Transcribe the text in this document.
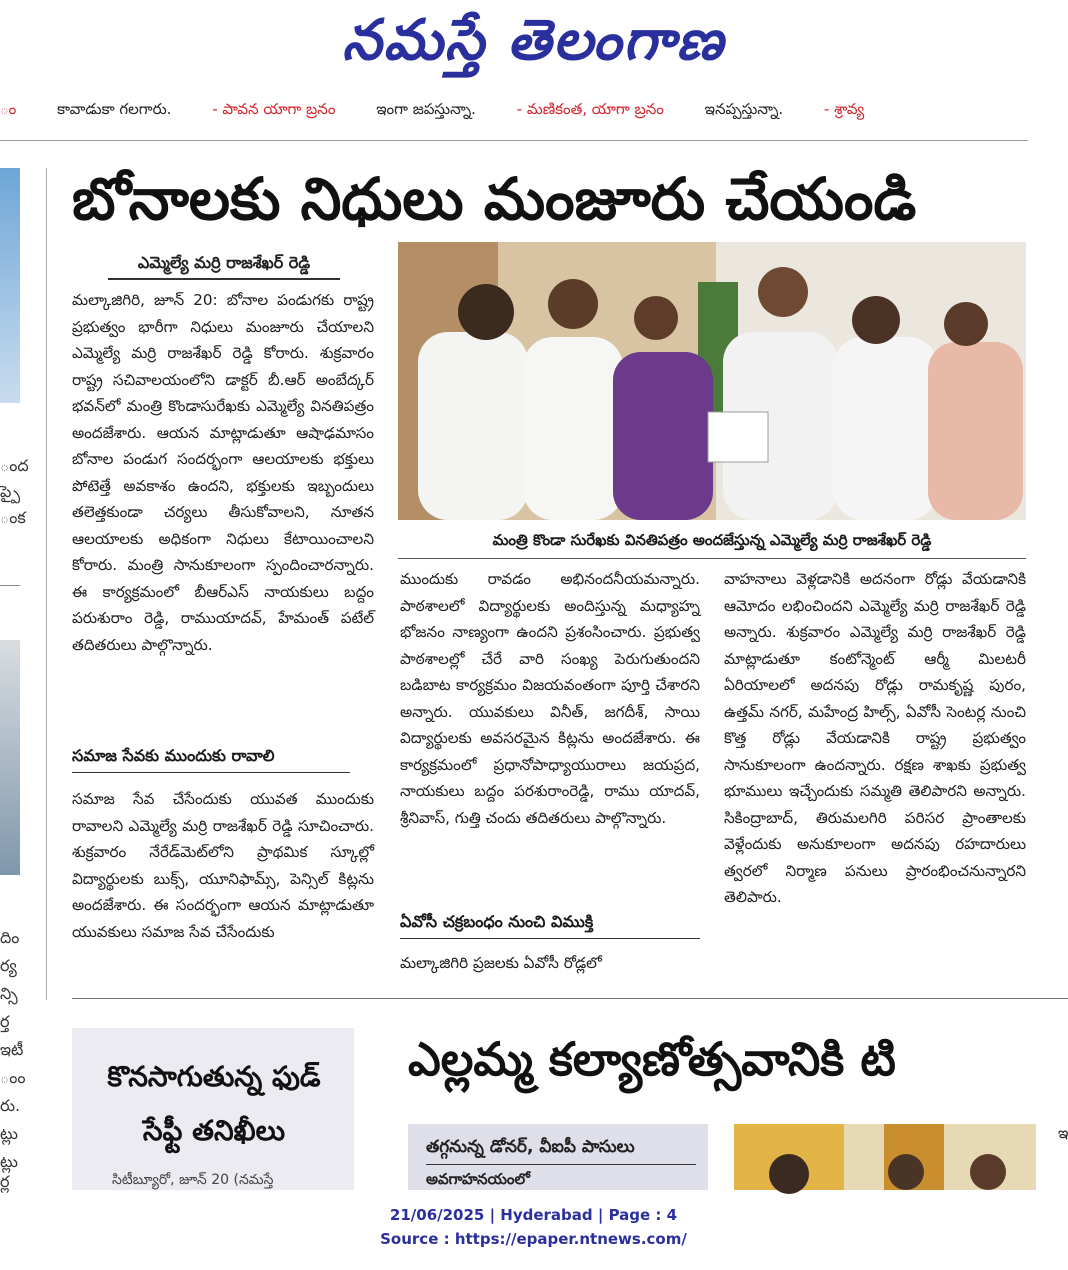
నమస్తే తెలంగాణ
ం	కావాడుకా గలగారు.	- పావన యాగా బ్రనం	ఇంగా జపస్తున్నా.	- మణికంత, యాగా బ్రనం	ఇనప్పస్తున్నా.	- శ్రావ్య
ంద
ప్పై
ంక
దిం
ర్య
న్సి
ర్త
ఇటీ
ంం
రు.
ట్లు
ట్లు
ర్ల
బోనాలకు నిధులు మంజూరు చేయండి
ఎమ్మెల్యే మర్రి రాజశేఖర్ రెడ్డి

మల్కాజిగిరి, జూన్ 20: బోనాల పండుగకు రాష్ట్ర ప్రభుత్వం భారీగా నిధులు మంజూరు చేయాలని ఎమ్మెల్యే మర్రి రాజశేఖర్ రెడ్డి కోరారు. శుక్రవారం రాష్ట్ర సచివాలయంలోని డాక్టర్ బీ.ఆర్ అంబేద్కర్ భవన్‌లో మంత్రి కొండాసురేఖకు ఎమ్మెల్యే వినతిపత్రం అందజేశారు. ఆయన మాట్లాడుతూ ఆషాఢమాసం బోనాల పండుగ సందర్భంగా ఆలయాలకు భక్తులు పోటెత్తే అవకాశం ఉందని, భక్తులకు ఇబ్బందులు తలెత్తకుండా చర్యలు తీసుకోవాలని, నూతన ఆలయాలకు అధికంగా నిధులు కేటాయించాలని కోరారు. మంత్రి సానుకూలంగా స్పందించారన్నారు. ఈ కార్యక్రమంలో బీఆర్‌ఎస్ నాయకులు బద్దం పరుశురాం రెడ్డి, రాముయాదవ్, హేమంత్ పటేల్ తదితరులు పాల్గొన్నారు.

సమాజ సేవకు ముందుకు రావాలి

సమాజ సేవ చేసేందుకు యువత ముందుకు రావాలని ఎమ్మెల్యే మర్రి రాజశేఖర్ రెడ్డి సూచించారు. శుక్రవారం నేరేడ్‌మెట్‌లోని ప్రాథమిక స్కూల్లో విద్యార్థులకు బుక్స్, యూనిఫామ్స్, పెన్సిల్ కిట్లను అందజేశారు. ఈ సందర్భంగా ఆయన మాట్లాడుతూ యువకులు సమాజ సేవ చేసేందుకు

మంత్రి కొండా సురేఖకు వినతిపత్రం అందజేస్తున్న ఎమ్మెల్యే మర్రి రాజశేఖర్ రెడ్డి

ముందుకు రావడం అభినందనీయమన్నారు. పాఠశాలలో విద్యార్థులకు అందిస్తున్న మధ్యాహ్న భోజనం నాణ్యంగా ఉందని ప్రశంసించారు. ప్రభుత్వ పాఠశాలల్లో చేరే వారి సంఖ్య పెరుగుతుందని బడిబాట కార్యక్రమం విజయవంతంగా పూర్తి చేశారని అన్నారు. యువకులు వినీత్, జగదీశ్, సాయి విద్యార్థులకు అవసరమైన కిట్లను అందజేశారు. ఈ కార్యక్రమంలో ప్రధానోపాధ్యాయురాలు జయప్రద, నాయకులు బద్దం పరశురాంరెడ్డి, రాము యాదవ్, శ్రీనివాస్, గుత్తి చందు తదితరులు పాల్గొన్నారు.

ఏవోసీ చక్రబంధం నుంచి విముక్తి

మల్కాజిగిరి ప్రజలకు ఏవోసీ రోడ్లలో

వాహనాలు వెళ్లడానికి అదనంగా రోడ్లు వేయడానికి ఆమోదం లభించిందని ఎమ్మెల్యే మర్రి రాజశేఖర్ రెడ్డి అన్నారు. శుక్రవారం ఎమ్మెల్యే మర్రి రాజశేఖర్ రెడ్డి మాట్లాడుతూ కంటోన్మెంట్ ఆర్మీ మిలటరీ ఏరియాలలో అదనపు రోడ్లు రామకృష్ణ పురం, ఉత్తమ్ నగర్, మహేంద్ర హిల్స్, ఏవోసీ సెంటర్ల నుంచి కొత్త రోడ్లు వేయడానికి రాష్ట్ర ప్రభుత్వం సానుకూలంగా ఉందన్నారు. రక్షణ శాఖకు ప్రభుత్వ భూములు ఇచ్చేందుకు సమ్మతి తెలిపారని అన్నారు. సికింద్రాబాద్, తిరుమలగిరి పరిసర ప్రాంతాలకు వెళ్లేందుకు అనుకూలంగా అదనపు రహదారులు త్వరలో నిర్మాణ పనులు ప్రారంభించనున్నారని తెలిపారు.

కొనసాగుతున్న ఫుడ్ సేఫ్టీ తనిఖీలు
సిటీబ్యూరో, జూన్ 20 (నమస్తే
ఎల్లమ్మ కల్యాణోత్సవానికి టి
తగ్గనున్న డోనర్, వీఐపీ పాసులు
అవగాహనయంలో
ఇ
21/06/2025 | Hyderabad | Page : 4
Source : https://epaper.ntnews.com/
